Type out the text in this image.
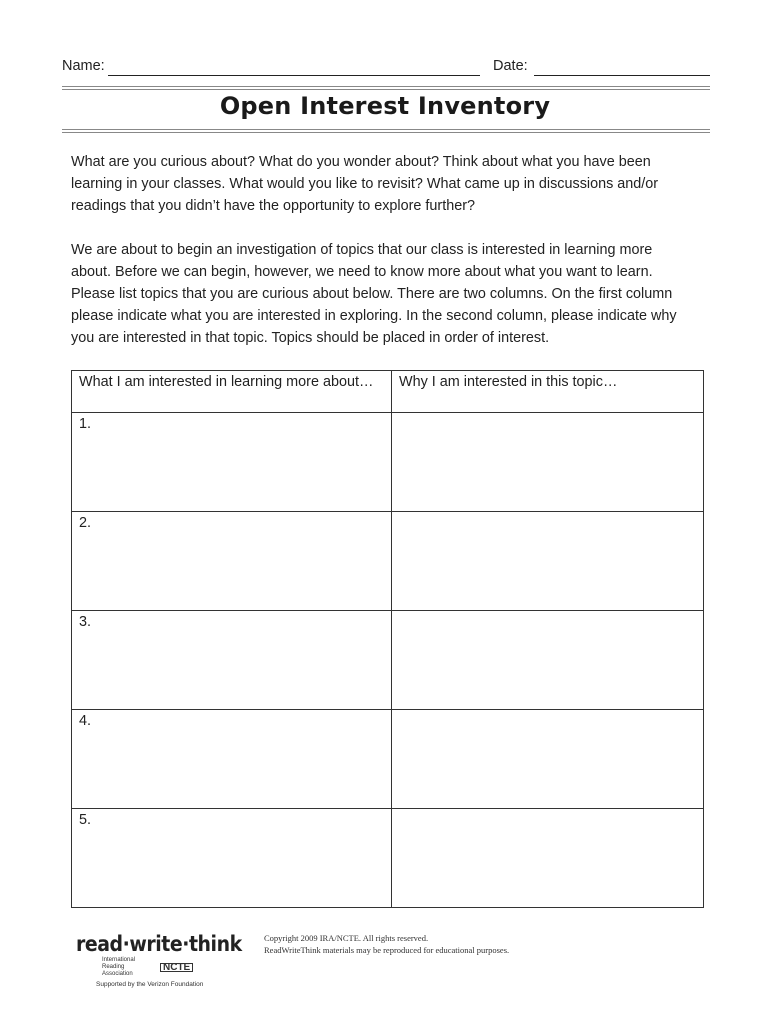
Name:	Date:
Open Interest Inventory
What are you curious about? What do you wonder about? Think about what you have been
learning in your classes. What would you like to revisit? What came up in discussions and/or
readings that you didn’t have the opportunity to explore further?
We are about to begin an investigation of topics that our class is interested in learning more
about. Before we can begin, however, we need to know more about what you want to learn.
Please list topics that you are curious about below. There are two columns. On the first column
please indicate what you are interested in exploring. In the second column, please indicate why
you are interested in that topic. Topics should be placed in order of interest.
What I am interested in learning more about…	Why I am interested in this topic…
1.	
2.	
3.	
4.	
5.	
read·write·think
International Reading Association
NCTE
Supported by the Verizon Foundation
Copyright 2009 IRA/NCTE. All rights reserved.
ReadWriteThink materials may be reproduced for educational purposes.
